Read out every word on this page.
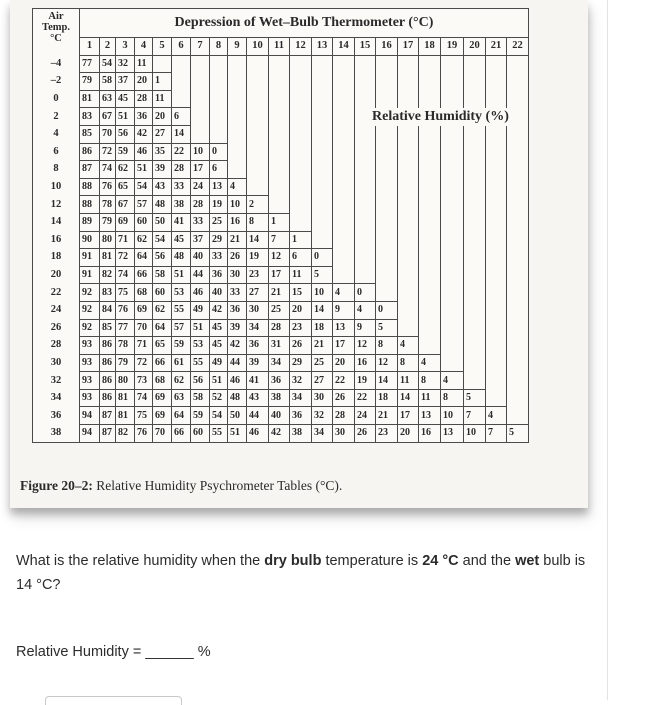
Air
Temp.
°C	Depression of Wet–Bulb Thermometer (°C)																					
	1	2	3	4	5	6	7	8	9	10	11	12	13	14	15	16	17	18	19	20	21	22
–4	77	54	32	11																		
–2	79	58	37	20	1																	
0	81	63	45	28	11																	
2	83	67	51	36	20	6																
4	85	70	56	42	27	14																
6	86	72	59	46	35	22	10	0														
8	87	74	62	51	39	28	17	6														
10	88	76	65	54	43	33	24	13	4													
12	88	78	67	57	48	38	28	19	10	2												
14	89	79	69	60	50	41	33	25	16	8	1											
16	90	80	71	62	54	45	37	29	21	14	7	1										
18	91	81	72	64	56	48	40	33	26	19	12	6	0									
20	91	82	74	66	58	51	44	36	30	23	17	11	5									
22	92	83	75	68	60	53	46	40	33	27	21	15	10	4	0							
24	92	84	76	69	62	55	49	42	36	30	25	20	14	9	4	0						
26	92	85	77	70	64	57	51	45	39	34	28	23	18	13	9	5						
28	93	86	78	71	65	59	53	45	42	36	31	26	21	17	12	8	4					
30	93	86	79	72	66	61	55	49	44	39	34	29	25	20	16	12	8	4				
32	93	86	80	73	68	62	56	51	46	41	36	32	27	22	19	14	11	8	4			
34	93	86	81	74	69	63	58	52	48	43	38	34	30	26	22	18	14	11	8	5		
36	94	87	81	75	69	64	59	54	50	44	40	36	32	28	24	21	17	13	10	7	4	
38	94	87	82	76	70	66	60	55	51	46	42	38	34	30	26	23	20	16	13	10	7	5
Relative Humidity (%)
Figure 20–2: Relative Humidity Psychrometer Tables (°C).
What is the relative humidity when the dry bulb temperature is 24 °C and the wet bulb is 14 °C?
Relative Humidity = ______ %
